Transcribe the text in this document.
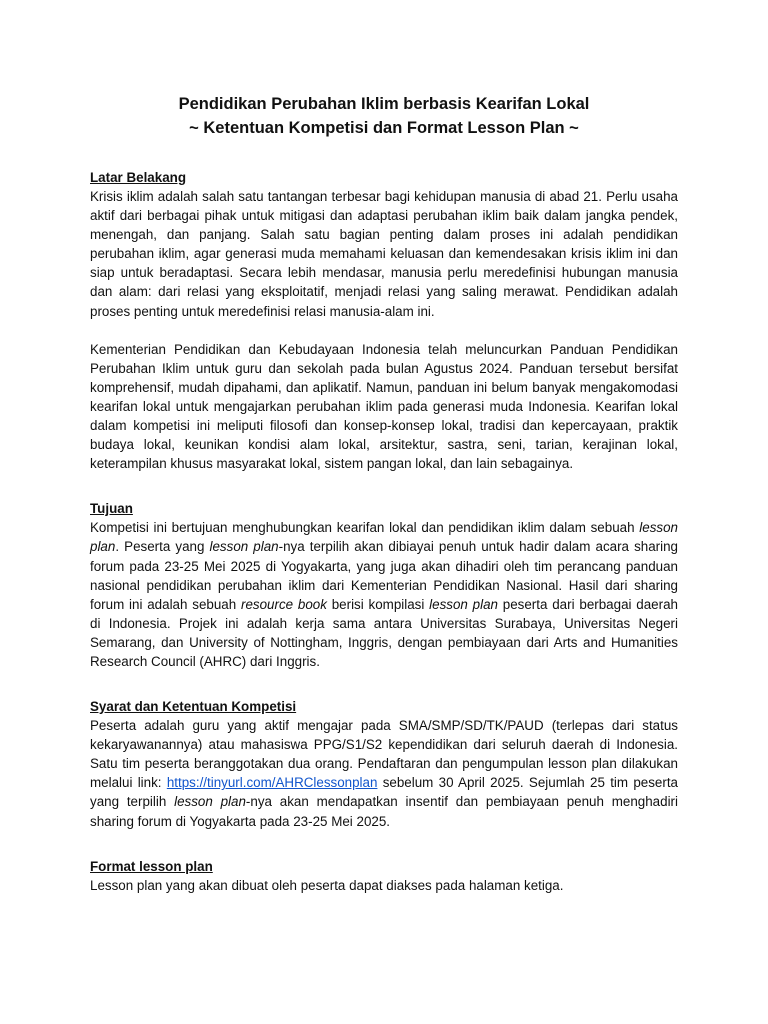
Pendidikan Perubahan Iklim berbasis Kearifan Lokal
~ Ketentuan Kompetisi dan Format Lesson Plan ~
Latar Belakang

Krisis iklim adalah salah satu tantangan terbesar bagi kehidupan manusia di abad 21. Perlu usaha aktif dari berbagai pihak untuk mitigasi dan adaptasi perubahan iklim baik dalam jangka pendek, menengah, dan panjang. Salah satu bagian penting dalam proses ini adalah pendidikan perubahan iklim, agar generasi muda memahami keluasan dan kemendesakan krisis iklim ini dan siap untuk beradaptasi. Secara lebih mendasar, manusia perlu meredefinisi hubungan manusia dan alam: dari relasi yang eksploitatif, menjadi relasi yang saling merawat. Pendidikan adalah proses penting untuk meredefinisi relasi manusia-alam ini.

Kementerian Pendidikan dan Kebudayaan Indonesia telah meluncurkan Panduan Pendidikan Perubahan Iklim untuk guru dan sekolah pada bulan Agustus 2024. Panduan tersebut bersifat komprehensif, mudah dipahami, dan aplikatif. Namun, panduan ini belum banyak mengakomodasi kearifan lokal untuk mengajarkan perubahan iklim pada generasi muda Indonesia. Kearifan lokal dalam kompetisi ini meliputi filosofi dan konsep-konsep lokal, tradisi dan kepercayaan, praktik budaya lokal, keunikan kondisi alam lokal, arsitektur, sastra, seni, tarian, kerajinan lokal, keterampilan khusus masyarakat lokal, sistem pangan lokal, dan lain sebagainya.

Tujuan

Kompetisi ini bertujuan menghubungkan kearifan lokal dan pendidikan iklim dalam sebuah lesson plan. Peserta yang lesson plan-nya terpilih akan dibiayai penuh untuk hadir dalam acara sharing forum pada 23-25 Mei 2025 di Yogyakarta, yang juga akan dihadiri oleh tim perancang panduan nasional pendidikan perubahan iklim dari Kementerian Pendidikan Nasional. Hasil dari sharing forum ini adalah sebuah resource book berisi kompilasi lesson plan peserta dari berbagai daerah di Indonesia. Projek ini adalah kerja sama antara Universitas Surabaya, Universitas Negeri Semarang, dan University of Nottingham, Inggris, dengan pembiayaan dari Arts and Humanities Research Council (AHRC) dari Inggris.

Syarat dan Ketentuan Kompetisi

Peserta adalah guru yang aktif mengajar pada SMA/SMP/SD/TK/PAUD (terlepas dari status kekaryawanannya) atau mahasiswa PPG/S1/S2 kependidikan dari seluruh daerah di Indonesia. Satu tim peserta beranggotakan dua orang. Pendaftaran dan pengumpulan lesson plan dilakukan melalui link: https://tinyurl.com/AHRClessonplan sebelum 30 April 2025. Sejumlah 25 tim peserta yang terpilih lesson plan-nya akan mendapatkan insentif dan pembiayaan penuh menghadiri sharing forum di Yogyakarta pada 23-25 Mei 2025.

Format lesson plan

Lesson plan yang akan dibuat oleh peserta dapat diakses pada halaman ketiga.
